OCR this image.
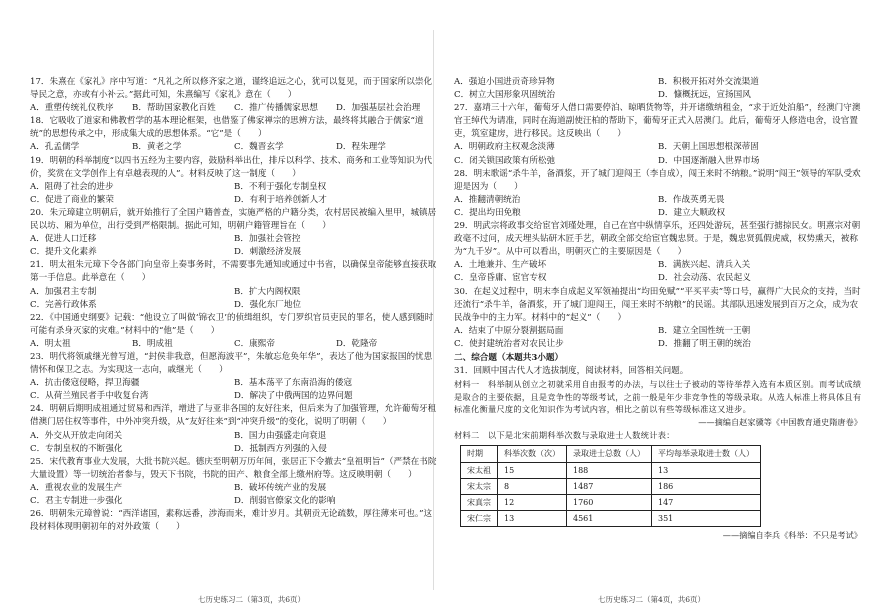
17．朱熹在《家礼》序中写道：“凡礼之所以修齐家之道，谨终追远之心，犹可以复见，而于国家所以崇化导民之意，亦或有小补云。”据此可知，朱熹编写《家礼》意在（　　）

A．重塑传统礼仪秩序	B．帮助国家教化百姓	C．推广传播儒家思想	D．加强基层社会治理

18．它吸收了道家和佛教哲学的基本理论框架，也借鉴了佛家禅宗的思辨方法，最终将其融合于儒家“道统”的思想传承之中，形成集大成的思想体系。“它”是（　　）

A．孔孟儒学	B．黄老之学	C．魏晋玄学	D．程朱理学

19．明朝的科举制度“以四书五经为主要内容，鼓励科举出仕，排斥以科学、技术、商务和工业等知识为代价，奖赏在文学创作上有卓越表现的人”。材料反映了这一制度（　　）

A．阻碍了社会的进步	B．不利于强化专制皇权
C．促进了商业的繁荣	D．有利于培养创新人才

20．朱元璋建立明朝后，就开始推行了全国户籍普查，实施严格的户籍分类，农村居民被编入里甲，城镇居民以坊、厢为单位，出行受到严格限制。据此可知，明朝户籍管理旨在（　　）

A．促进人口迁移	B．加强社会管控
C．提升文化素养	D．刺激经济发展

21．明太祖朱元璋下令各部门向皇帝上奏事务时，不需要事先通知或通过中书省，以确保皇帝能够直接获取第一手信息。此举意在（　　）

A．加强君主专制	B．扩大内阁权限
C．完善行政体系	D．强化东厂地位

22．《中国通史纲要》记载：“他设立了叫做‘锦衣卫’的侦缉组织，专门罗织官员吏民的罪名，使人感到随时可能有杀身灭家的灾难。”材料中的“他”是（　　）

A．明太祖	B．明成祖	C．康熙帝	D．乾隆帝

23．明代将领戚继光曾写道，“封侯非我意，但愿海波平”，朱敏忘危奂年华”，表达了他为国家报国的忧患情怀和保卫之志。为实现这一志向，戚继光（　　）

A．抗击倭寇侵略，捍卫海疆	B．基本荡平了东南沿海的倭寇
C．从荷兰殖民者手中收复台湾	D．解决了中俄两国的边界问题

24．明朝后期明成祖通过贸易和西洋，增进了与亚非各国的友好往来，但后来为了加强管理，允许葡萄牙租借澳门居住权等事件，中外冲突升级，从“友好往来”到“冲突升级”的变化，说明了明朝（　　）

A．外交从开放走向闭关	B．国力由强盛走向衰退
C．专制皇权的不断强化	D．抵制西方列强的入侵

25．宋代教育事业大发展，大批书院兴起。德庆至明朝万历年间，张居正下令撤去“皇祖明旨”（严禁在书院大量设置）等一切统治者参与，毁天下书院，书院的田产、粮食全部上缴州府等。这反映明朝（　　）

A．重视农业的发展生产	B．破坏传统产业的发展
C．君主专制进一步强化	D．削弱官僚家文化的影响

26．明朝朱元璋曾说：“西洋诸国，素称远番，涉海而来，难计岁月。其朝贡无论疏数，厚往薄来可也。”这段材料体现明朝初年的对外政策（　　）

A．强迫小国进贡奇珍异物	B．积极开拓对外交流渠道
C．树立大国形象巩固统治	D．慷概抚远，宣扬国风

27．嘉靖三十六年，葡萄牙人借口需要停泊、晾晒货物等，并开诸缴纳租金，“求于近处泊船”，经澳门守澳官王绰代为请准，同时在海道副使汪柏的帮助下，葡萄牙正式入居澳门。此后，葡萄牙人修造电舍，设官置吏，筑室建房，进行移民。这反映出（　　）

A．明朝政府主权观念淡薄	B．天朝上国思想根深蒂固
C．闭关锁国政策有所松弛	D．中国逐渐融入世界市场

28．明末歌谣“杀牛羊，备酒浆，开了城门迎闯王（李自成），闯王来时不纳粮。”说明“闯王”领导的军队受欢迎是因为（　　）

A．推翻清朝统治	B．作战英勇无畏
C．提出均田免粮	D．建立大顺政权

29．明武宗将政事交给宦官刘瑾处理，自己在宫中纵情享乐，还四处游玩，甚至强行掳掠民女。明熹宗对朝政毫不过问，成天埋头钻研木匠手艺，朝政全部交给宦官魏忠贤。于是，魏忠贤狐假虎威，权势熏天，被称为“九千岁”。从中可以看出，明朝灭亡的主要原因是（　　）

A．土地兼并、生产破坏	B．满族兴起、清兵入关
C．皇帝昏庸、宦官专权	D．社会动荡、农民起义

30．在起义过程中，明末李自成起义军领袖提出“均田免赋”“平买平卖”等口号，赢得广大民众的支持，当时还流行“杀牛羊，备酒浆，开了城门迎闯王，闯王来时不纳粮”的民谣。其部队迅速发展到百万之众，成为农民战争中的主力军。材料中的“起义”（　　）

A．结束了中原分裂割据局面	B．建立全国性统一王朝
C．使封建统治者对农民让步	D．推翻了明王朝的统治

二、综合题（本题共3小题）

31．回顾中国古代人才选拔制度，阅读材料，回答相关问题。

材料一　科举制从创立之初就采用自由报考的办法，与以往士子被动的等待举荐入选有本质区别。而考试成绩是取合的主要依据，且是竞争性的等级考试，之前一般是年少非竞争性的等级录取。从选人标准上将具体且有标准化衡量尺度的文化知识作为考试内容，相比之前以有些等级标准这又进步。

——摘编自赵家骥等《中国教育通史隋唐卷》

材料二　以下是北宋前期科举次数与录取进士人数统计表：

时期	科举次数（次）	录取进士总数（人）	平均每举录取进士数（人）
宋太祖	15	188	13
宋太宗	8	1487	186
宋真宗	12	1760	147
宋仁宗	13	4561	351

——摘编自李兵《科举：不只是考试》

七历史练习二（第3页，共6页）	七历史练习二（第4页，共6页）
